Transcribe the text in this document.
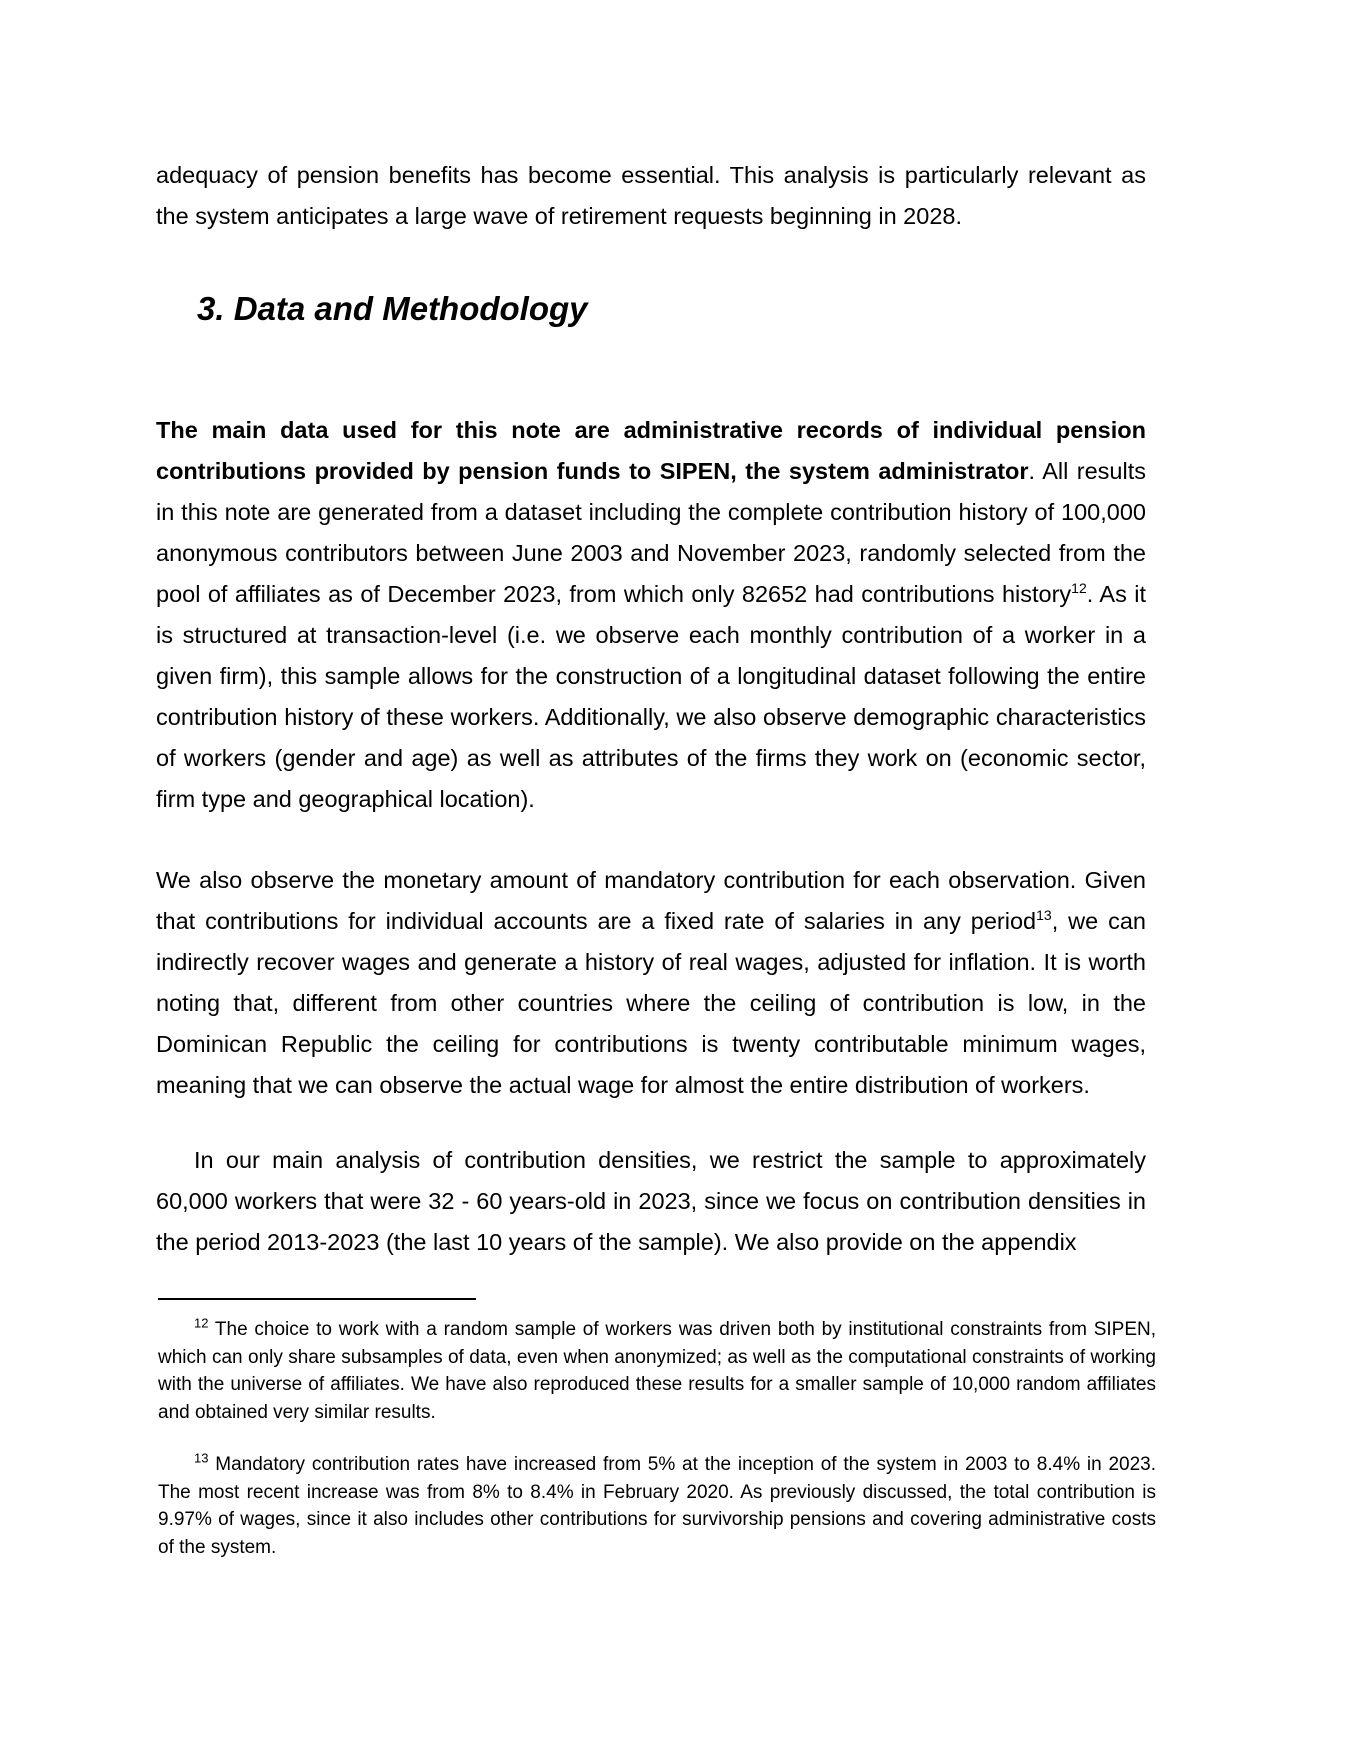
adequacy of pension benefits has become essential. This analysis is particularly relevant as the system anticipates a large wave of retirement requests beginning in 2028.

3. Data and Methodology

The main data used for this note are administrative records of individual pension contributions provided by pension funds to SIPEN, the system administrator. All results in this note are generated from a dataset including the complete contribution history of 100,000 anonymous contributors between June 2003 and November 2023, randomly selected from the pool of affiliates as of December 2023, from which only 82652 had contributions history$^{12}$. As it is structured at transaction-level (i.e. we observe each monthly contribution of a worker in a given firm), this sample allows for the construction of a longitudinal dataset following the entire contribution history of these workers. Additionally, we also observe demographic characteristics of workers (gender and age) as well as attributes of the firms they work on (economic sector, firm type and geographical location).

We also observe the monetary amount of mandatory contribution for each observation. Given that contributions for individual accounts are a fixed rate of salaries in any period$^{13}$, we can indirectly recover wages and generate a history of real wages, adjusted for inflation. It is worth noting that, different from other countries where the ceiling of contribution is low, in the Dominican Republic the ceiling for contributions is twenty contributable minimum wages, meaning that we can observe the actual wage for almost the entire distribution of workers.

In our main analysis of contribution densities, we restrict the sample to approximately 60,000 workers that were 32 - 60 years-old in 2023, since we focus on contribution densities in the period 2013-2023 (the last 10 years of the sample). We also provide on the appendix

$^{12}$ The choice to work with a random sample of workers was driven both by institutional constraints from SIPEN, which can only share subsamples of data, even when anonymized; as well as the computational constraints of working with the universe of affiliates. We have also reproduced these results for a smaller sample of 10,000 random affiliates and obtained very similar results.

$^{13}$ Mandatory contribution rates have increased from 5% at the inception of the system in 2003 to 8.4% in 2023. The most recent increase was from 8% to 8.4% in February 2020. As previously discussed, the total contribution is 9.97% of wages, since it also includes other contributions for survivorship pensions and covering administrative costs of the system.
